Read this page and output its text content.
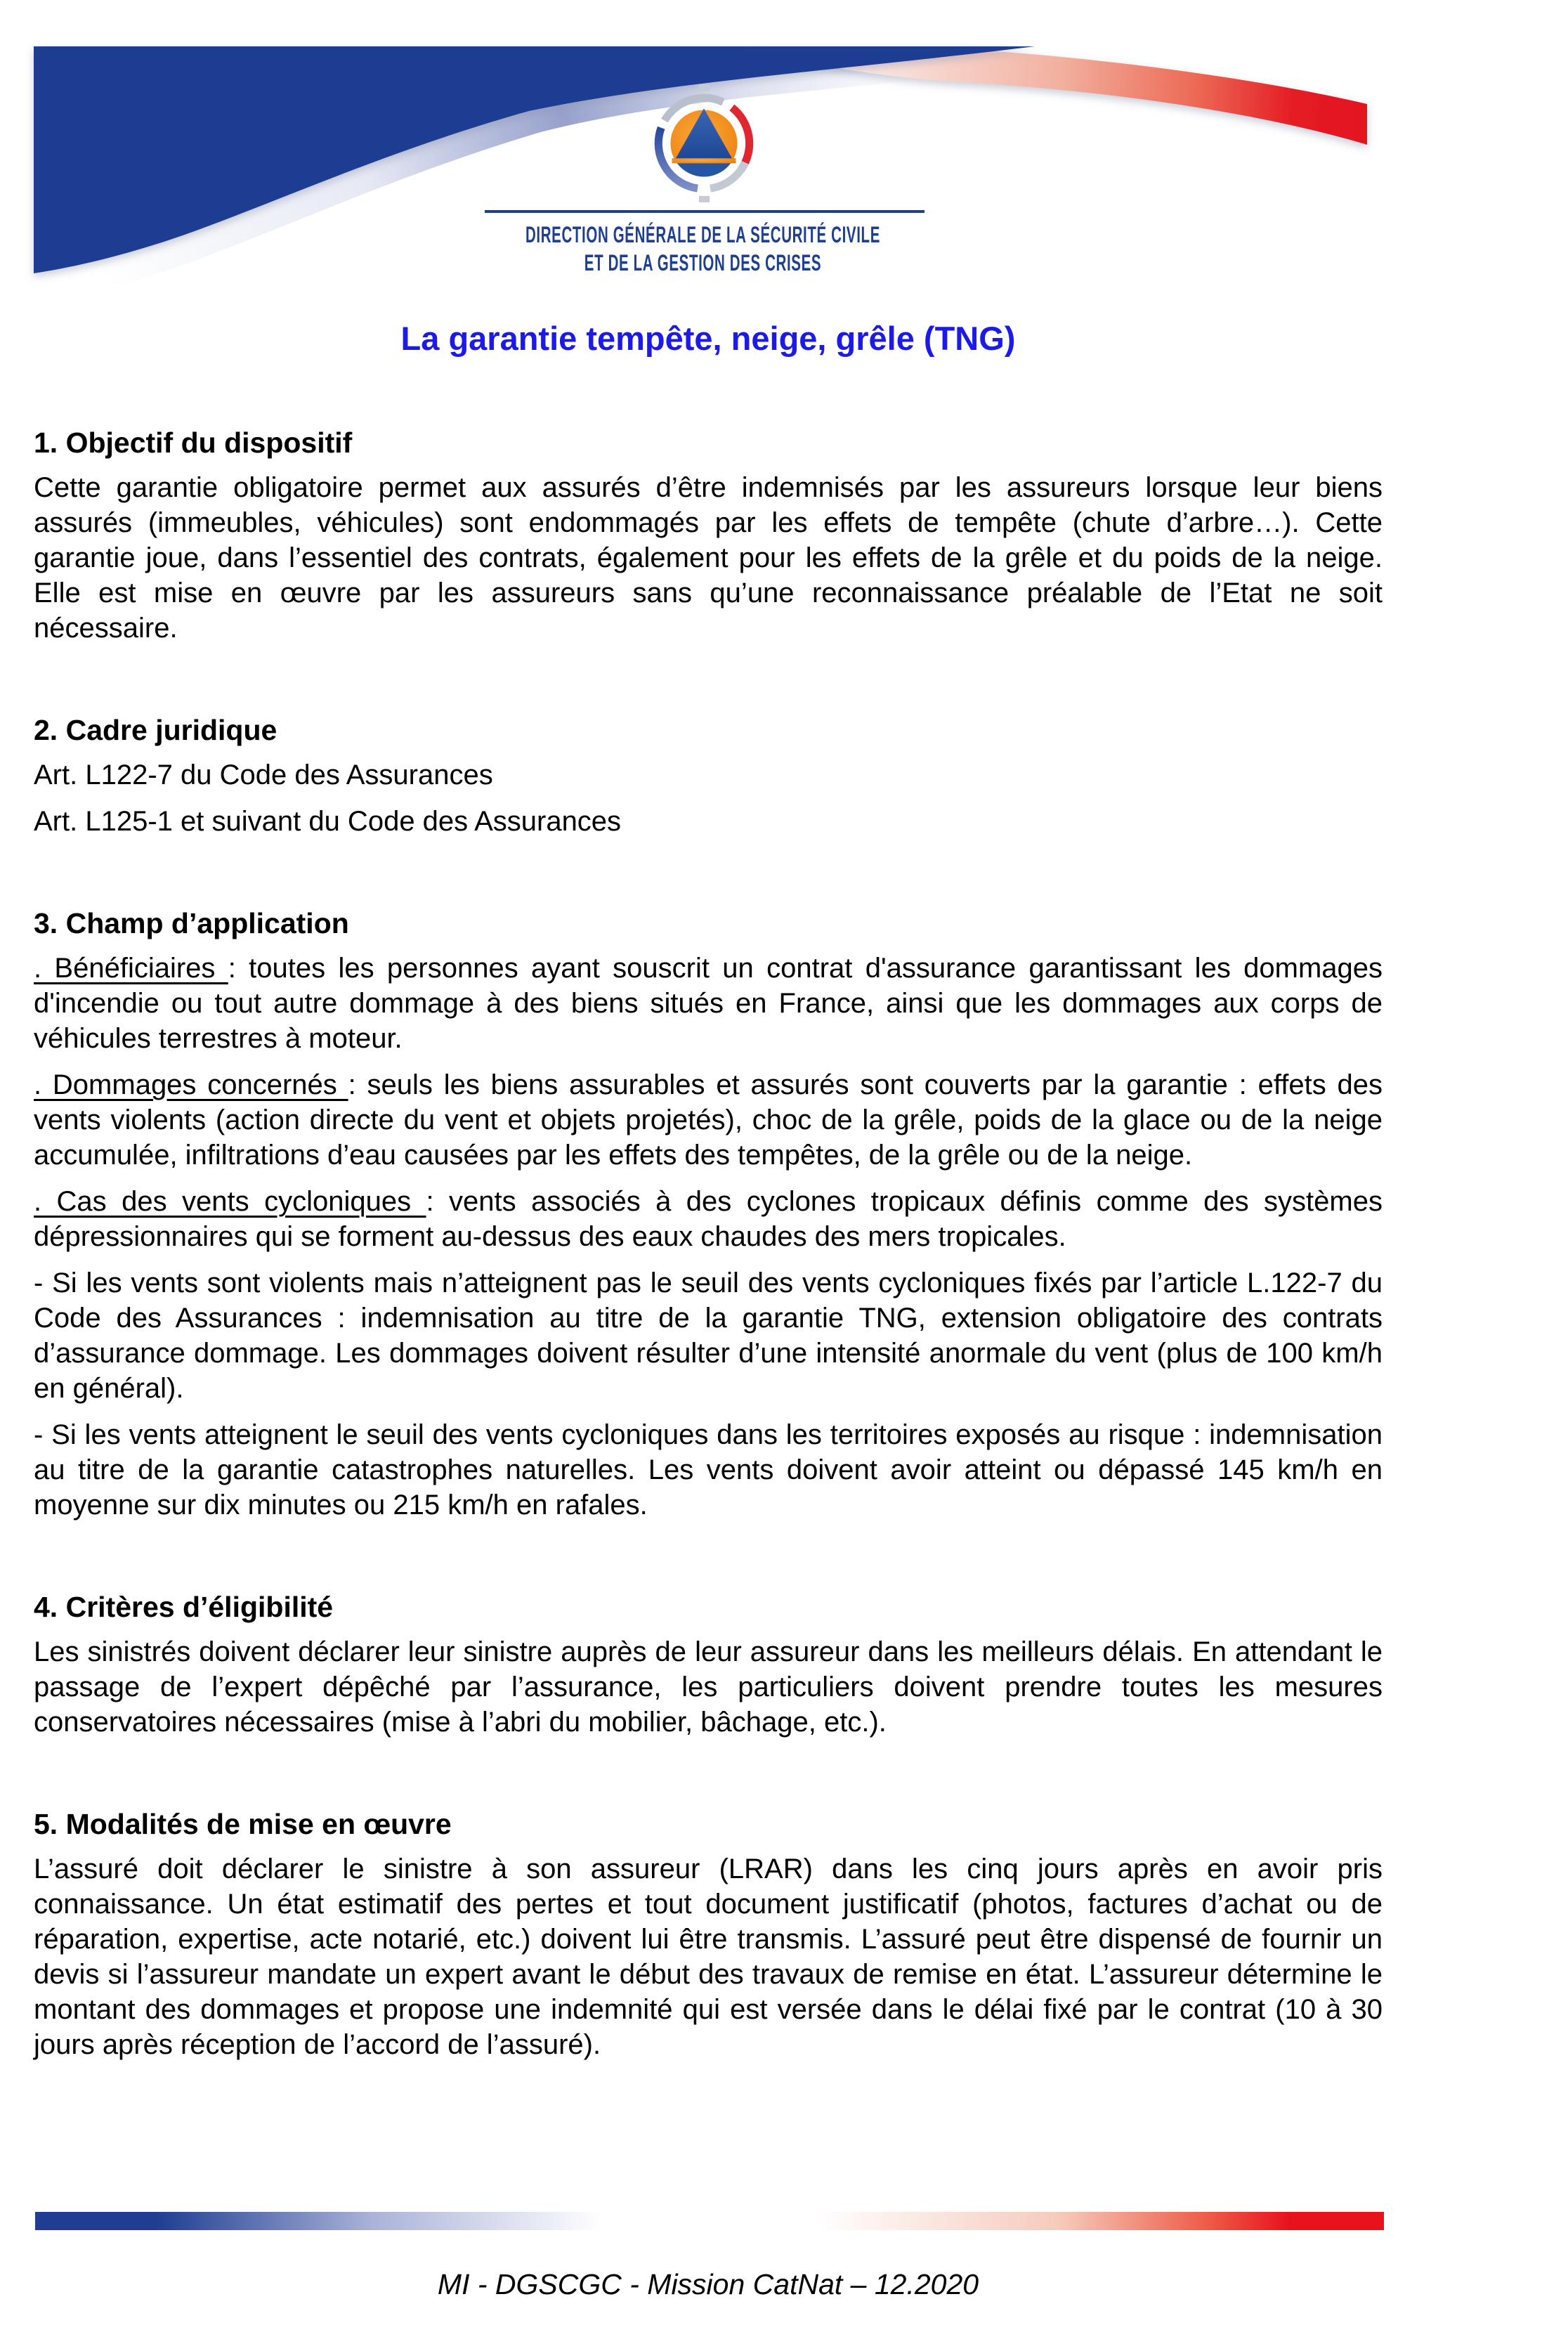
DIRECTION GÉNÉRALE DE LA SÉCURITÉ CIVILE
ET DE LA GESTION DES CRISES
La garantie tempête, neige, grêle (TNG)
1. Objectif du dispositif

Cette garantie obligatoire permet aux assurés d’être indemnisés par les assureurs lorsque leur biens assurés (immeubles, véhicules) sont endommagés par les effets de tempête (chute d’arbre…). Cette garantie joue, dans l’essentiel des contrats, également pour les effets de la grêle et du poids de la neige. Elle est mise en œuvre par les assureurs sans qu’une reconnaissance préalable de l’Etat ne soit nécessaire.

2. Cadre juridique

Art. L122-7 du Code des Assurances

Art. L125-1 et suivant du Code des Assurances

3. Champ d’application

. Bénéficiaires : toutes les personnes ayant souscrit un contrat d'assurance garantissant les dommages d'incendie ou tout autre dommage à des biens situés en France, ainsi que les dommages aux corps de véhicules terrestres à moteur.

. Dommages concernés : seuls les biens assurables et assurés sont couverts par la garantie : effets des vents violents (action directe du vent et objets projetés), choc de la grêle, poids de la glace ou de la neige accumulée, infiltrations d’eau causées par les effets des tempêtes, de la grêle ou de la neige.

. Cas des vents cycloniques : vents associés à des cyclones tropicaux définis comme des systèmes dépressionnaires qui se forment au-dessus des eaux chaudes des mers tropicales.

- Si les vents sont violents mais n’atteignent pas le seuil des vents cycloniques fixés par l’article L.122-7 du Code des Assurances : indemnisation au titre de la garantie TNG, extension obligatoire des contrats d’assurance dommage. Les dommages doivent résulter d’une intensité anormale du vent (plus de 100 km/h en général).

- Si les vents atteignent le seuil des vents cycloniques dans les territoires exposés au risque : indemnisation au titre de la garantie catastrophes naturelles. Les vents doivent avoir atteint ou dépassé 145 km/h en moyenne sur dix minutes ou 215 km/h en rafales.

4. Critères d’éligibilité

Les sinistrés doivent déclarer leur sinistre auprès de leur assureur dans les meilleurs délais. En attendant le passage de l’expert dépêché par l’assurance, les particuliers doivent prendre toutes les mesures conservatoires nécessaires (mise à l’abri du mobilier, bâchage, etc.).

5. Modalités de mise en œuvre

L’assuré doit déclarer le sinistre à son assureur (LRAR) dans les cinq jours après en avoir pris connaissance. Un état estimatif des pertes et tout document justificatif (photos, factures d’achat ou de réparation, expertise, acte notarié, etc.) doivent lui être transmis. L’assuré peut être dispensé de fournir un devis si l’assureur mandate un expert avant le début des travaux de remise en état. L’assureur détermine le montant des dommages et propose une indemnité qui est versée dans le délai fixé par le contrat (10 à 30 jours après réception de l’accord de l’assuré).

MI - DGSCGC - Mission CatNat – 12.2020
